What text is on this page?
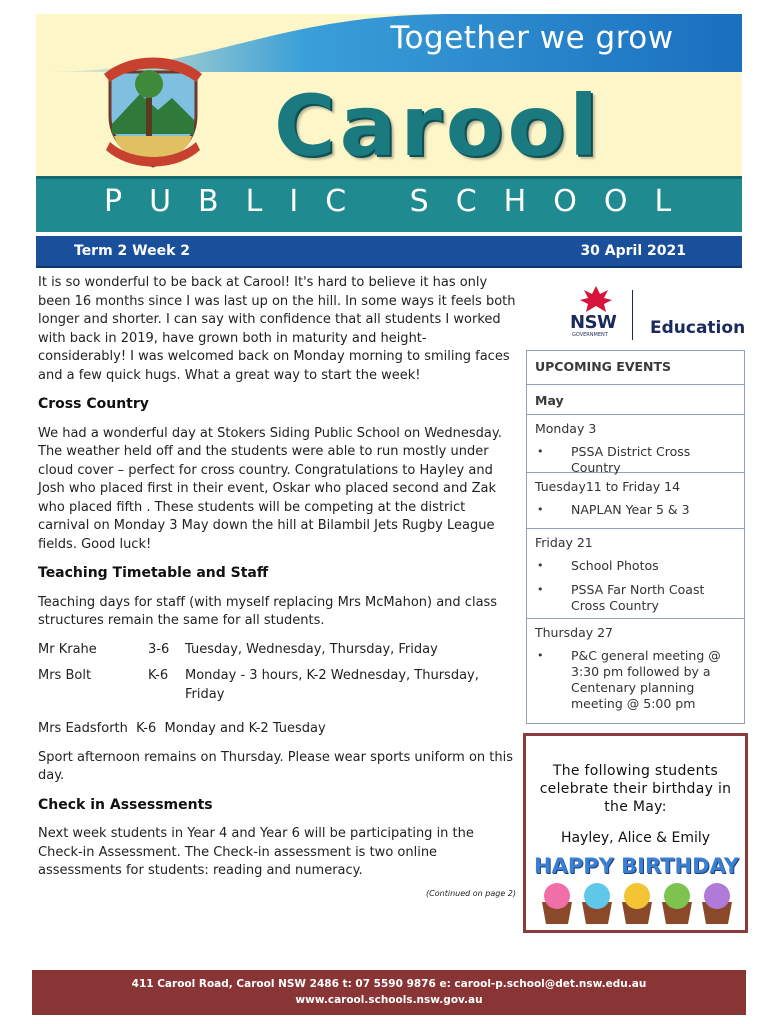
Together we grow
Carool
PUBLIC SCHOOL
Term 2 Week 2	30 April 2021

It is so wonderful to be back at Carool! It's hard to believe it has only been 16 months since I was last up on the hill. In some ways it feels both longer and shorter. I can say with confidence that all students I worked with back in 2019, have grown both in maturity and height- considerably! I was welcomed back on Monday morning to smiling faces and a few quick hugs. What a great way to start the week!

Cross Country

We had a wonderful day at Stokers Siding Public School on Wednesday. The weather held off and the students were able to run mostly under cloud cover – perfect for cross country. Congratulations to Hayley and Josh who placed first in their event, Oskar who placed second and Zak who placed fifth . These students will be competing at the district carnival on Monday 3 May down the hill at Bilambil Jets Rugby League fields. Good luck!

Teaching Timetable and Staff

Teaching days for staff (with myself replacing Mrs McMahon) and class structures remain the same for all students.

Mr Krahe	3-6	Tuesday, Wednesday, Thursday, Friday
Mrs Bolt	K-6	Monday - 3 hours, K-2 Wednesday, Thursday, Friday

Mrs Eadsforth  K-6  Monday and K-2 Tuesday

Sport afternoon remains on Thursday. Please wear sports uniform on this day.

Check in Assessments

Next week students in Year 4 and Year 6 will be participating in the Check-in Assessment. The Check-in assessment is two online assessments for students: reading and numeracy.

(Continued on page 2)
NSW
GOVERNMENT Education
UPCOMING EVENTS
May
Monday 3
• PSSA District Cross Country
Tuesday11 to Friday 14
• NAPLAN Year 5 & 3
Friday 21
• School Photos
• PSSA Far North Coast Cross Country
Thursday 27
• P&C general meeting @ 3:30 pm followed by a Centenary planning meeting @ 5:00 pm
The following students celebrate their birthday in the May:
Hayley, Alice & Emily
HAPPY BIRTHDAY
411 Carool Road, Carool NSW 2486 t: 07 5590 9876 e: carool-p.school@det.nsw.edu.au
www.carool.schools.nsw.gov.au
